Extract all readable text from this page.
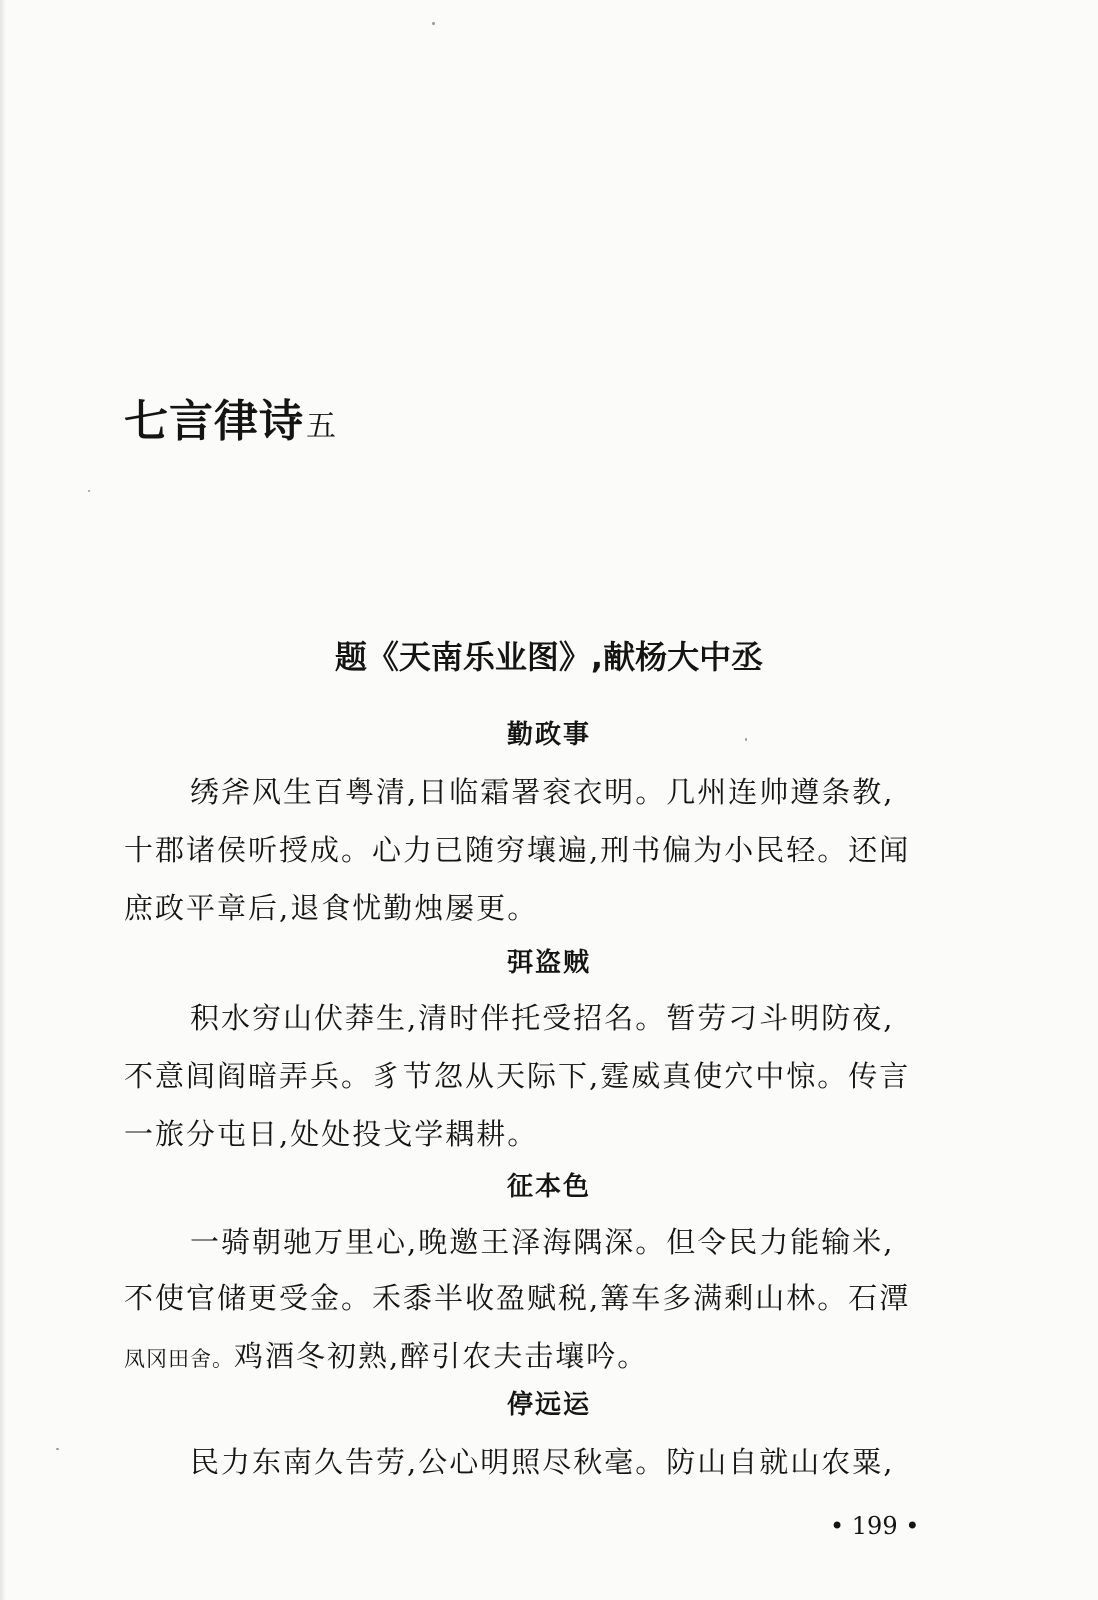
七言律诗五
题《天南乐业图》,献杨大中丞
勤政事
绣斧风生百粤清,日临霜署衮衣明。几州连帅遵条教,
十郡诸侯听授成。心力已随穷壤遍,刑书偏为小民轻。还闻
庶政平章后,退食忧勤烛屡更。
弭盗贼
积水穷山伏莽生,清时伴托受招名。暂劳刁斗明防夜,
不意闾阎暗弄兵。豸节忽从天际下,霆威真使穴中惊。传言
一旅分屯日,处处投戈学耦耕。
征本色
一骑朝驰万里心,晚邀王泽海隅深。但令民力能输米,
不使官储更受金。禾黍半收盈赋税,篝车多满剩山林。石潭
凤冈田舍。鸡酒冬初熟,醉引农夫击壤吟。
停远运
民力东南久告劳,公心明照尽秋毫。防山自就山农粟,
• 199 •
